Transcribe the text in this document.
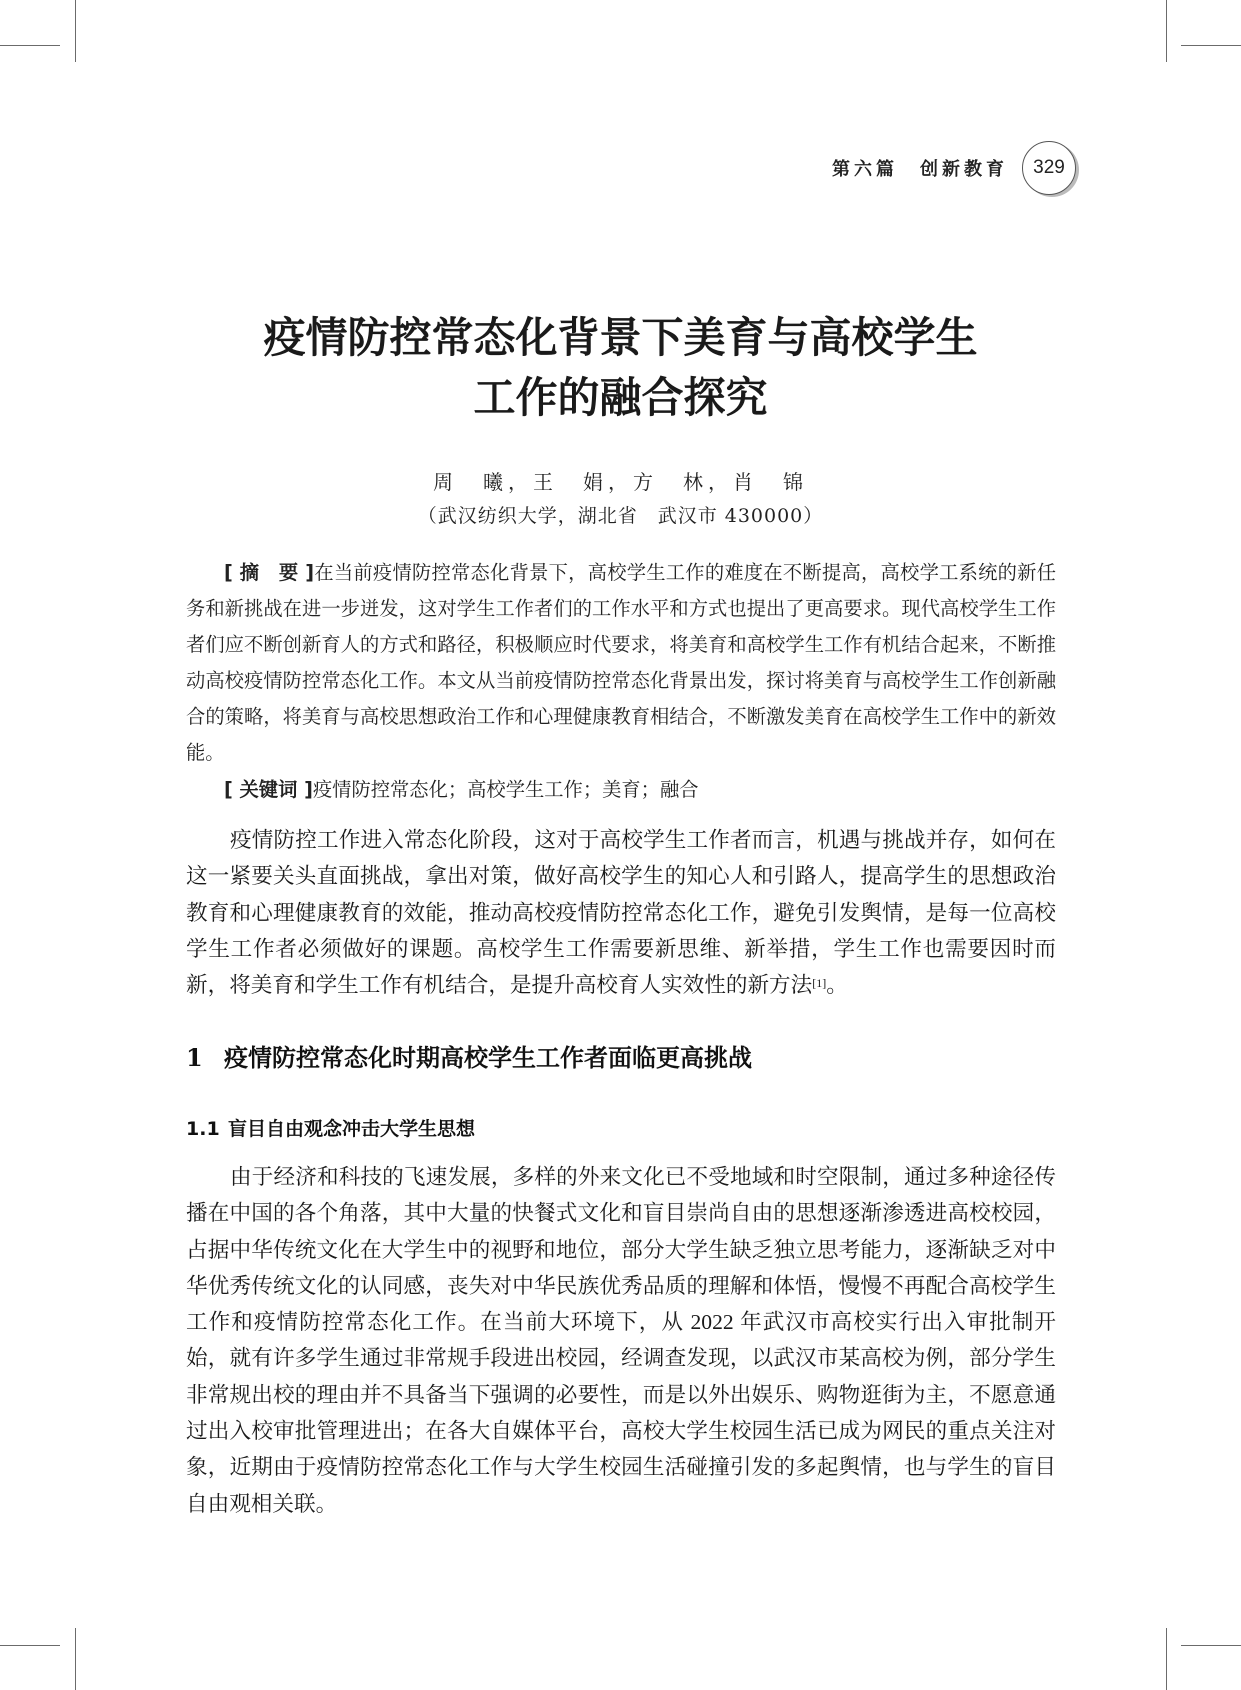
第六篇　创新教育	329
疫情防控常态化背景下美育与高校学生
工作的融合探究
周　曦，王　娟，方　林，肖　锦
（武汉纺织大学，湖北省　武汉市 430000）

[ 摘　要 ]在当前疫情防控常态化背景下，高校学生工作的难度在不断提高，高校学工系统的新任务和新挑战在进一步迸发，这对学生工作者们的工作水平和方式也提出了更高要求。现代高校学生工作者们应不断创新育人的方式和路径，积极顺应时代要求，将美育和高校学生工作有机结合起来，不断推动高校疫情防控常态化工作。本文从当前疫情防控常态化背景出发，探讨将美育与高校学生工作创新融合的策略，将美育与高校思想政治工作和心理健康教育相结合，不断激发美育在高校学生工作中的新效能。

[ 关键词 ]疫情防控常态化；高校学生工作；美育；融合

疫情防控工作进入常态化阶段，这对于高校学生工作者而言，机遇与挑战并存，如何在这一紧要关头直面挑战，拿出对策，做好高校学生的知心人和引路人，提高学生的思想政治教育和心理健康教育的效能，推动高校疫情防控常态化工作，避免引发舆情，是每一位高校学生工作者必须做好的课题。高校学生工作需要新思维、新举措，学生工作也需要因时而新，将美育和学生工作有机结合，是提升高校育人实效性的新方法[1]。

1 疫情防控常态化时期高校学生工作者面临更高挑战
1.1 盲目自由观念冲击大学生思想

由于经济和科技的飞速发展，多样的外来文化已不受地域和时空限制，通过多种途径传播在中国的各个角落，其中大量的快餐式文化和盲目崇尚自由的思想逐渐渗透进高校校园，占据中华传统文化在大学生中的视野和地位，部分大学生缺乏独立思考能力，逐渐缺乏对中华优秀传统文化的认同感，丧失对中华民族优秀品质的理解和体悟，慢慢不再配合高校学生工作和疫情防控常态化工作。在当前大环境下，从 2022 年武汉市高校实行出入审批制开始，就有许多学生通过非常规手段进出校园，经调查发现，以武汉市某高校为例，部分学生非常规出校的理由并不具备当下强调的必要性，而是以外出娱乐、购物逛街为主，不愿意通过出入校审批管理进出；在各大自媒体平台，高校大学生校园生活已成为网民的重点关注对象，近期由于疫情防控常态化工作与大学生校园生活碰撞引发的多起舆情，也与学生的盲目自由观相关联。
